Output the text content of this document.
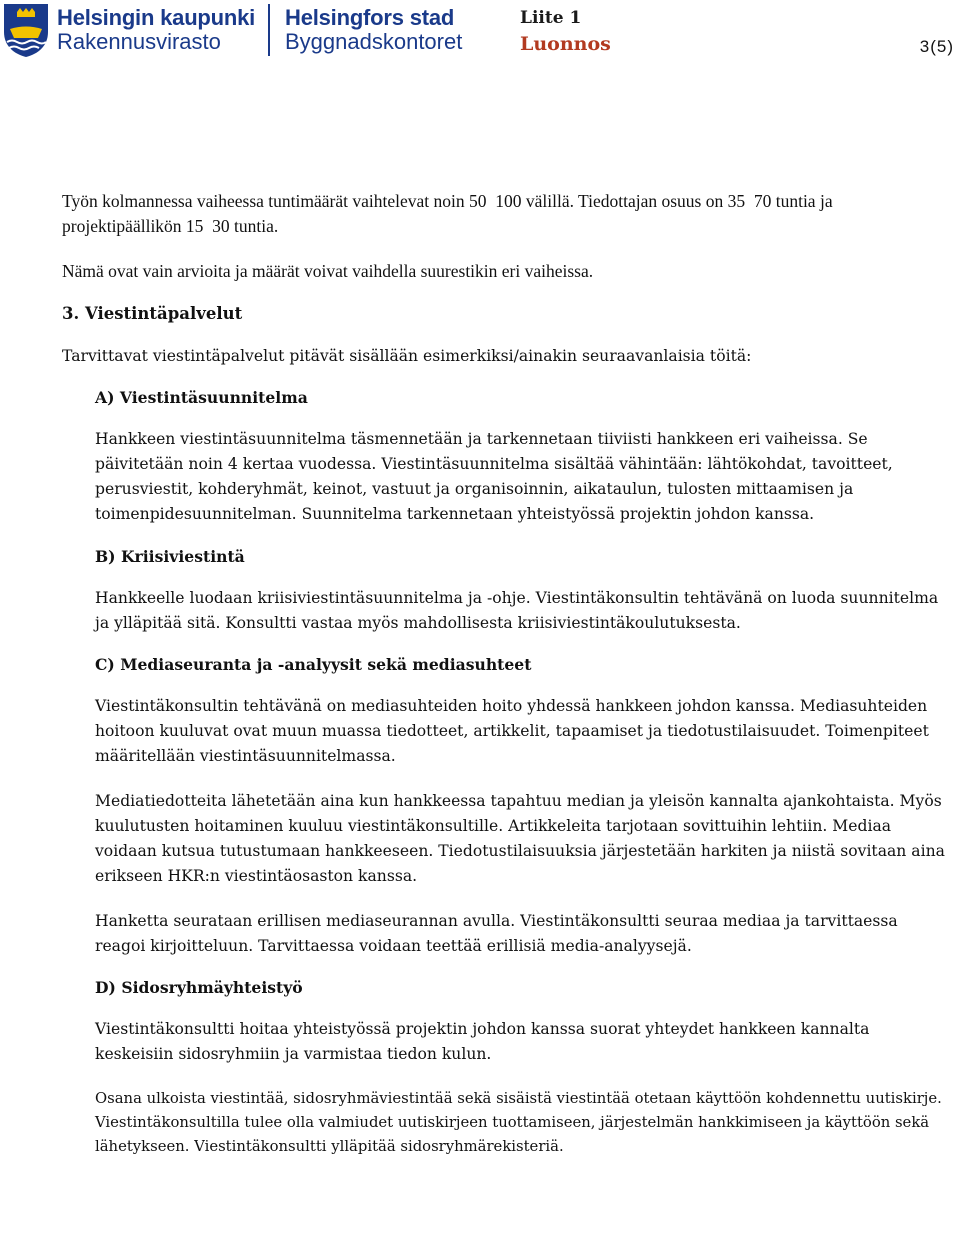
Helsingin kaupunki
Rakennusvirasto
Helsingfors stad
Byggnadskontoret
Liite 1
Luonnos	3(5)

Työn kolmannessa vaiheessa tuntimäärät vaihtelevat noin 50  100 välillä. Tiedottajan osuus on 35  70 tuntia ja projektipäällikön 15  30 tuntia.

Nämä ovat vain arvioita ja määrät voivat vaihdella suurestikin eri vaiheissa.

3. Viestintäpalvelut

Tarvittavat viestintäpalvelut pitävät sisällään esimerkiksi/ainakin seuraavanlaisia töitä:

A) Viestintäsuunnitelma

Hankkeen viestintäsuunnitelma täsmennetään ja tarkennetaan tiiviisti hankkeen eri vaiheissa. Se päivitetään noin 4 kertaa vuodessa. Viestintäsuunnitelma sisältää vähintään: lähtökohdat, tavoitteet, perusviestit, kohderyhmät, keinot, vastuut ja organisoinnin, aikataulun, tulosten mittaamisen ja toimenpidesuunnitelman. Suunnitelma tarkennetaan yhteistyössä projektin johdon kanssa.

B) Kriisiviestintä

Hankkeelle luodaan kriisiviestintäsuunnitelma ja -ohje. Viestintäkonsultin tehtävänä on luoda suunnitelma ja ylläpitää sitä. Konsultti vastaa myös mahdollisesta kriisiviestintäkoulutuksesta.

C) Mediaseuranta ja -analyysit sekä mediasuhteet

Viestintäkonsultin tehtävänä on mediasuhteiden hoito yhdessä hankkeen johdon kanssa. Mediasuhteiden hoitoon kuuluvat ovat muun muassa tiedotteet, artikkelit, tapaamiset ja tiedotustilaisuudet. Toimenpiteet määritellään viestintäsuunnitelmassa.

Mediatiedotteita lähetetään aina kun hankkeessa tapahtuu median ja yleisön kannalta ajankohtaista. Myös kuulutusten hoitaminen kuuluu viestintäkonsultille. Artikkeleita tarjotaan sovittuihin lehtiin. Mediaa voidaan kutsua tutustumaan hankkeeseen. Tiedotustilaisuuksia järjestetään harkiten ja niistä sovitaan aina erikseen HKR:n viestintäosaston kanssa.

Hanketta seurataan erillisen mediaseurannan avulla. Viestintäkonsultti seuraa mediaa ja tarvittaessa reagoi kirjoitteluun. Tarvittaessa voidaan teettää erillisiä media-analyysejä.

D) Sidosryhmäyhteistyö

Viestintäkonsultti hoitaa yhteistyössä projektin johdon kanssa suorat yhteydet hankkeen kannalta keskeisiin sidosryhmiin ja varmistaa tiedon kulun.

Osana ulkoista viestintää, sidosryhmäviestintää sekä sisäistä viestintää otetaan käyttöön kohdennettu uutiskirje. Viestintäkonsultilla tulee olla valmiudet uutiskirjeen tuottamiseen, järjestelmän hankkimiseen ja käyttöön sekä lähetykseen. Viestintäkonsultti ylläpitää sidosryhmärekisteriä.
